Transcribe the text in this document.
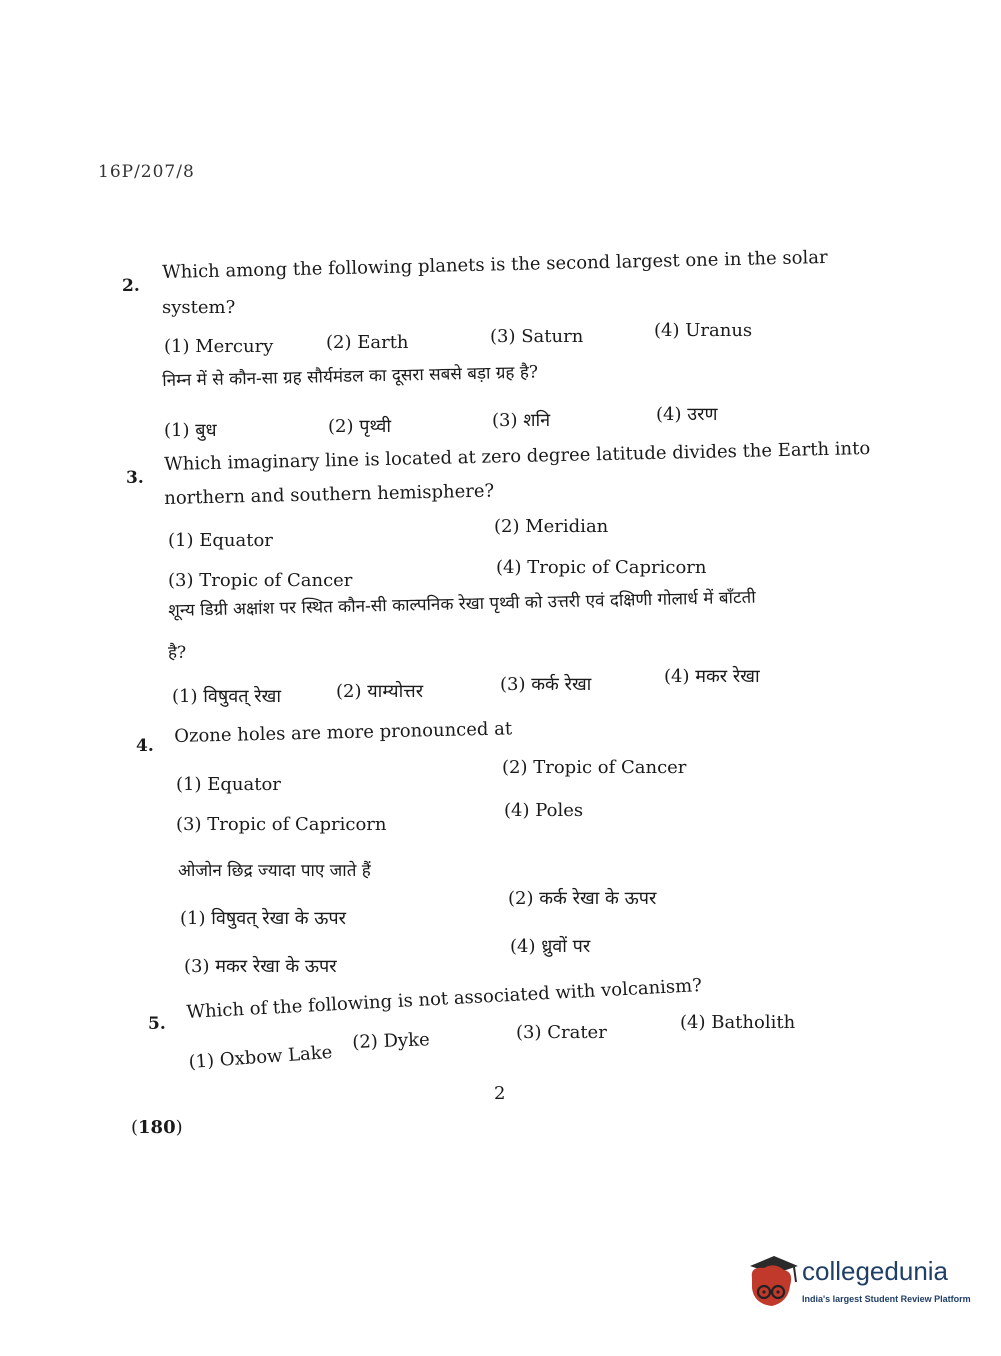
16P/207/8
2.
Which among the following planets is the second largest one in the solar
system?
(1) Mercury	(2) Earth	(3) Saturn	(4) Uranus
निम्न में से कौन-सा ग्रह सौर्यमंडल का दूसरा सबसे बड़ा ग्रह है?
(1) बुध	(2) पृथ्वी	(3) शनि	(4) उरण
3.
Which imaginary line is located at zero degree latitude divides the Earth into
northern and southern hemisphere?
(1) Equator
(2) Meridian
(3) Tropic of Cancer
(4) Tropic of Capricorn
शून्य डिग्री अक्षांश पर स्थित कौन-सी काल्पनिक रेखा पृथ्वी को उत्तरी एवं दक्षिणी गोलार्ध में बाँटती
है?
(1) विषुवत् रेखा	(2) याम्योत्तर	(3) कर्क रेखा	(4) मकर रेखा
4. Ozone holes are more pronounced at
(1) Equator
(2) Tropic of Cancer
(3) Tropic of Capricorn
(4) Poles
ओजोन छिद्र ज्यादा पाए जाते हैं
(1) विषुवत् रेखा के ऊपर
(2) कर्क रेखा के ऊपर
(3) मकर रेखा के ऊपर
(4) ध्रुवों पर
5.
Which of the following is not associated with volcanism?
(1) Oxbow Lake
(2) Dyke	(3) Crater	(4) Batholith
2
(180)
collegedunia
India's largest Student Review Platform
